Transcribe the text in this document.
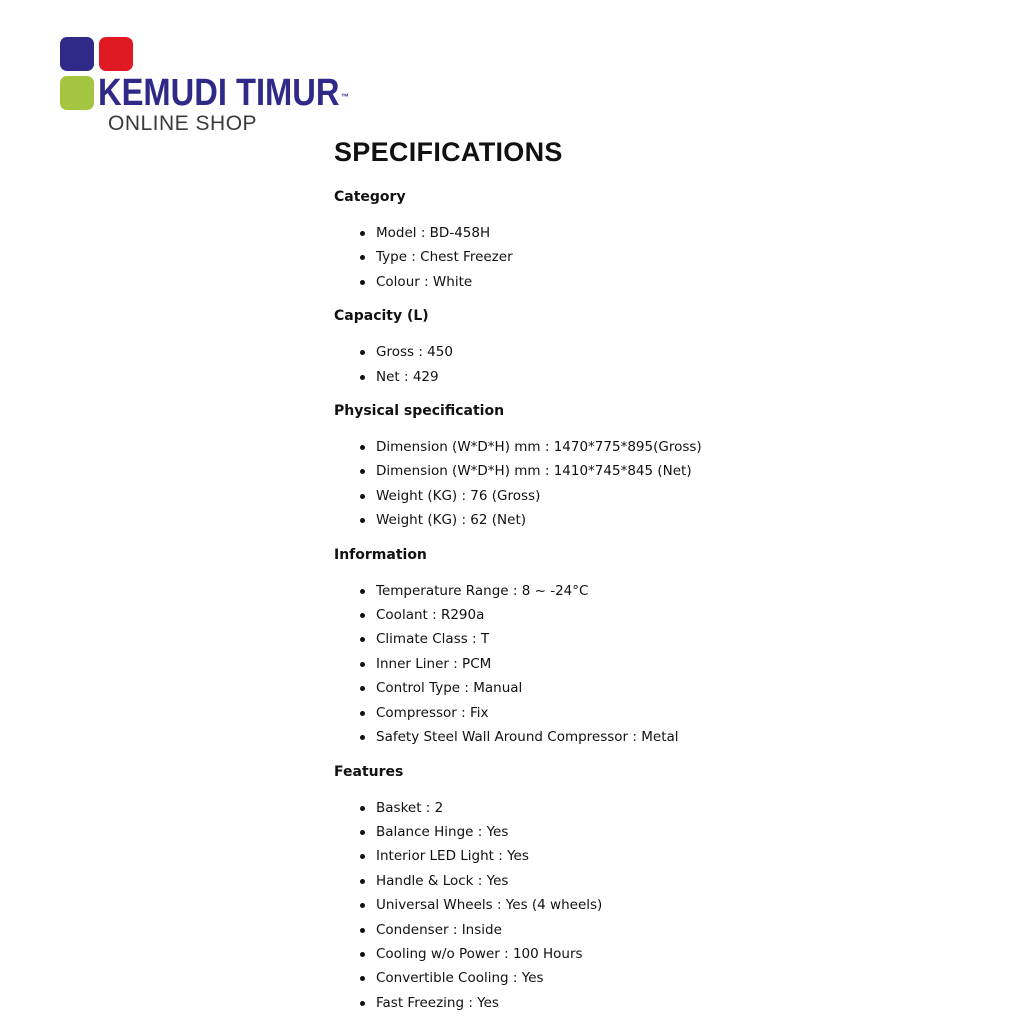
KEMUDI TIMUR ™
ONLINE SHOP
SPECIFICATIONS
Category
Model : BD-458H
Type : Chest Freezer
Colour : White
Capacity (L)
Gross : 450
Net : 429
Physical specification
Dimension (W*D*H) mm : 1470*775*895(Gross)
Dimension (W*D*H) mm : 1410*745*845 (Net)
Weight (KG) : 76 (Gross)
Weight (KG) : 62 (Net)
Information
Temperature Range : 8 ~ -24°C
Coolant : R290a
Climate Class : T
Inner Liner : PCM
Control Type : Manual
Compressor : Fix
Safety Steel Wall Around Compressor : Metal
Features
Basket : 2
Balance Hinge : Yes
Interior LED Light : Yes
Handle & Lock : Yes
Universal Wheels : Yes (4 wheels)
Condenser : Inside
Cooling w/o Power : 100 Hours
Convertible Cooling : Yes
Fast Freezing : Yes
